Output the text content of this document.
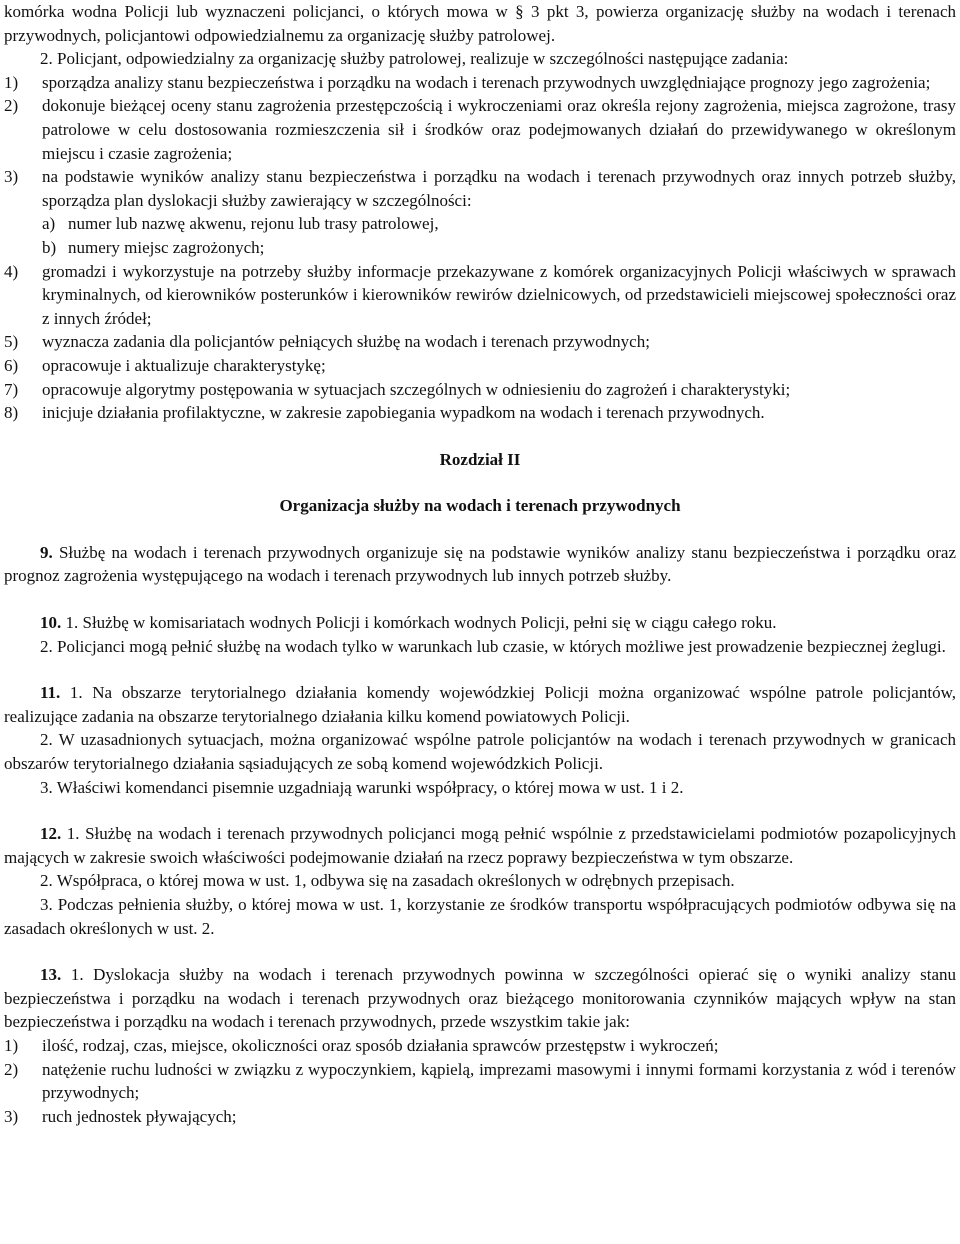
komórka wodna Policji lub wyznaczeni policjanci, o których mowa w § 3 pkt 3, powierza organizację służby na wodach i terenach przywodnych, policjantowi odpowiedzialnemu za organizację służby patrolowej.

2. Policjant, odpowiedzialny za organizację służby patrolowej, realizuje w szczególności następujące zadania:

1)	sporządza analizy stanu bezpieczeństwa i porządku na wodach i terenach przywodnych uwzględniające prognozy jego zagrożenia;
2)	dokonuje bieżącej oceny stanu zagrożenia przestępczością i wykroczeniami oraz określa rejony zagrożenia, miejsca zagrożone, trasy patrolowe w celu dostosowania rozmieszczenia sił i środków oraz podejmowanych działań do przewidywanego w określonym miejscu i czasie zagrożenia;
3)	na podstawie wyników analizy stanu bezpieczeństwa i porządku na wodach i terenach przywodnych oraz innych potrzeb służby, sporządza plan dyslokacji służby zawierający w szczególności:
a) numer lub nazwę akwenu, rejonu lub trasy patrolowej,
b) numery miejsc zagrożonych;
4)	gromadzi i wykorzystuje na potrzeby służby informacje przekazywane z komórek organizacyjnych Policji właściwych w sprawach kryminalnych, od kierowników posterunków i kierowników rewirów dzielnicowych, od przedstawicieli miejscowej społeczności oraz z innych źródeł;
5)	wyznacza zadania dla policjantów pełniących służbę na wodach i terenach przywodnych;
6)	opracowuje i aktualizuje charakterystykę;
7)	opracowuje algorytmy postępowania w sytuacjach szczególnych w odniesieniu do zagrożeń i charakterystyki;
8)	inicjuje działania profilaktyczne, w zakresie zapobiegania wypadkom na wodach i terenach przywodnych.

Rozdział II

Organizacja służby na wodach i terenach przywodnych

9. Służbę na wodach i terenach przywodnych organizuje się na podstawie wyników analizy stanu bezpieczeństwa i porządku oraz prognoz zagrożenia występującego na wodach i terenach przywodnych lub innych potrzeb służby.

10. 1. Służbę w komisariatach wodnych Policji i komórkach wodnych Policji, pełni się w ciągu całego roku.

2. Policjanci mogą pełnić służbę na wodach tylko w warunkach lub czasie, w których możliwe jest prowadzenie bezpiecznej żeglugi.

11. 1. Na obszarze terytorialnego działania komendy wojewódzkiej Policji można organizować wspólne patrole policjantów, realizujące zadania na obszarze terytorialnego działania kilku komend powiatowych Policji.

2. W uzasadnionych sytuacjach, można organizować wspólne patrole policjantów na wodach i terenach przywodnych w granicach obszarów terytorialnego działania sąsiadujących ze sobą komend wojewódzkich Policji.

3. Właściwi komendanci pisemnie uzgadniają warunki współpracy, o której mowa w ust. 1 i 2.

12. 1. Służbę na wodach i terenach przywodnych policjanci mogą pełnić wspólnie z przedstawicielami podmiotów pozapolicyjnych mających w zakresie swoich właściwości podejmowanie działań na rzecz poprawy bezpieczeństwa w tym obszarze.

2. Współpraca, o której mowa w ust. 1, odbywa się na zasadach określonych w odrębnych przepisach.

3. Podczas pełnienia służby, o której mowa w ust. 1, korzystanie ze środków transportu współpracujących podmiotów odbywa się na zasadach określonych w ust. 2.

13. 1. Dyslokacja służby na wodach i terenach przywodnych powinna w szczególności opierać się o wyniki analizy stanu bezpieczeństwa i porządku na wodach i terenach przywodnych oraz bieżącego monitorowania czynników mających wpływ na stan bezpieczeństwa i porządku na wodach i terenach przywodnych, przede wszystkim takie jak:

1)	ilość, rodzaj, czas, miejsce, okoliczności oraz sposób działania sprawców przestępstw i wykroczeń;
2)	natężenie ruchu ludności w związku z wypoczynkiem, kąpielą, imprezami masowymi i innymi formami korzystania z wód i terenów przywodnych;
3)	ruch jednostek pływających;
